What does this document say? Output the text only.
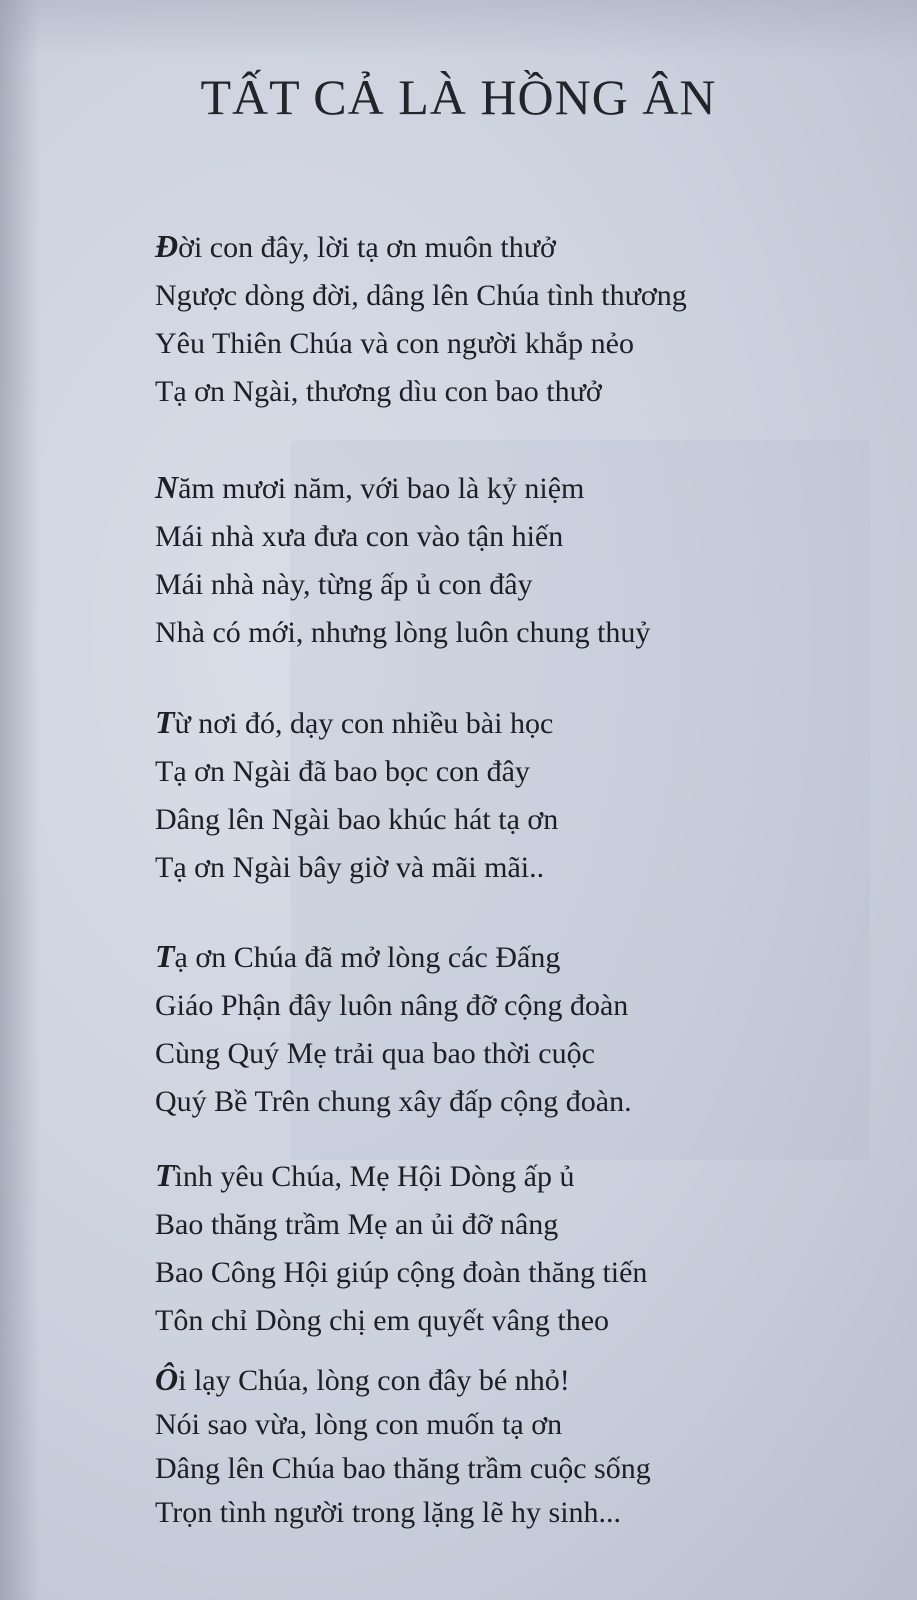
TẤT CẢ LÀ HỒNG ÂN
Đời con đây, lời tạ ơn muôn thưở
Ngược dòng đời, dâng lên Chúa tình thương
Yêu Thiên Chúa và con người khắp nẻo
Tạ ơn Ngài, thương dìu con bao thưở
Năm mươi năm, với bao là kỷ niệm
Mái nhà xưa đưa con vào tận hiến
Mái nhà này, từng ấp ủ con đây
Nhà có mới, nhưng lòng luôn chung thuỷ
Từ nơi đó, dạy con nhiều bài học
Tạ ơn Ngài đã bao bọc con đây
Dâng lên Ngài bao khúc hát tạ ơn
Tạ ơn Ngài bây giờ và mãi mãi..
Tạ ơn Chúa đã mở lòng các Đấng
Giáo Phận đây luôn nâng đỡ cộng đoàn
Cùng Quý Mẹ trải qua bao thời cuộc
Quý Bề Trên chung xây đấp cộng đoàn.
Tình yêu Chúa, Mẹ Hội Dòng ấp ủ
Bao thăng trầm Mẹ an ủi đỡ nâng
Bao Công Hội giúp cộng đoàn thăng tiến
Tôn chỉ Dòng chị em quyết vâng theo
Ôi lạy Chúa, lòng con đây bé nhỏ!
Nói sao vừa, lòng con muốn tạ ơn
Dâng lên Chúa bao thăng trầm cuộc sống
Trọn tình người trong lặng lẽ hy sinh...
